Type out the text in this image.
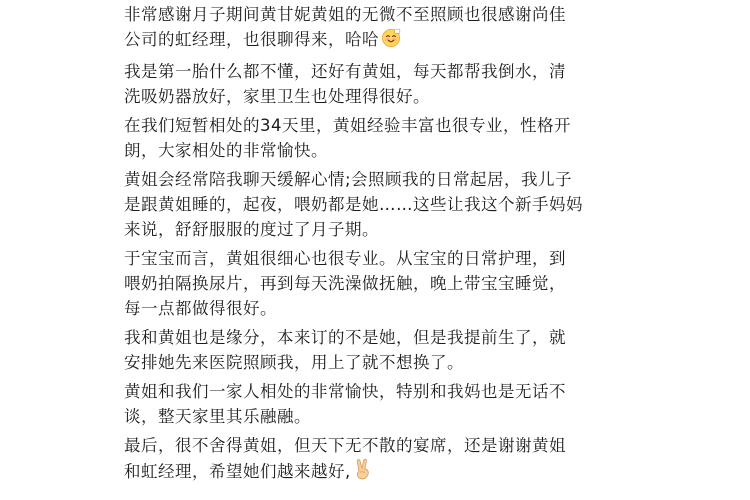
非常感谢月子期间黄甘妮黄姐的无微不至照顾也很感谢尚佳
公司的虹经理，也很聊得来，哈哈

我是第一胎什么都不懂，还好有黄姐，每天都帮我倒水，清
洗吸奶器放好，家里卫生也处理得很好。

在我们短暂相处的34天里，黄姐经验丰富也很专业，性格开
朗，大家相处的非常愉快。

黄姐会经常陪我聊天缓解心情;会照顾我的日常起居，我儿子
是跟黄姐睡的，起夜，喂奶都是她……这些让我这个新手妈妈
来说，舒舒服服的度过了月子期。

于宝宝而言，黄姐很细心也很专业。从宝宝的日常护理，到
喂奶拍隔换尿片，再到每天洗澡做抚触，晚上带宝宝睡觉，
每一点都做得很好。

我和黄姐也是缘分，本来订的不是她，但是我提前生了，就
安排她先来医院照顾我，用上了就不想换了。

黄姐和我们一家人相处的非常愉快，特别和我妈也是无话不
谈，整天家里其乐融融。

最后，很不舍得黄姐，但天下无不散的宴席，还是谢谢黄姐
和虹经理，希望她们越来越好,
